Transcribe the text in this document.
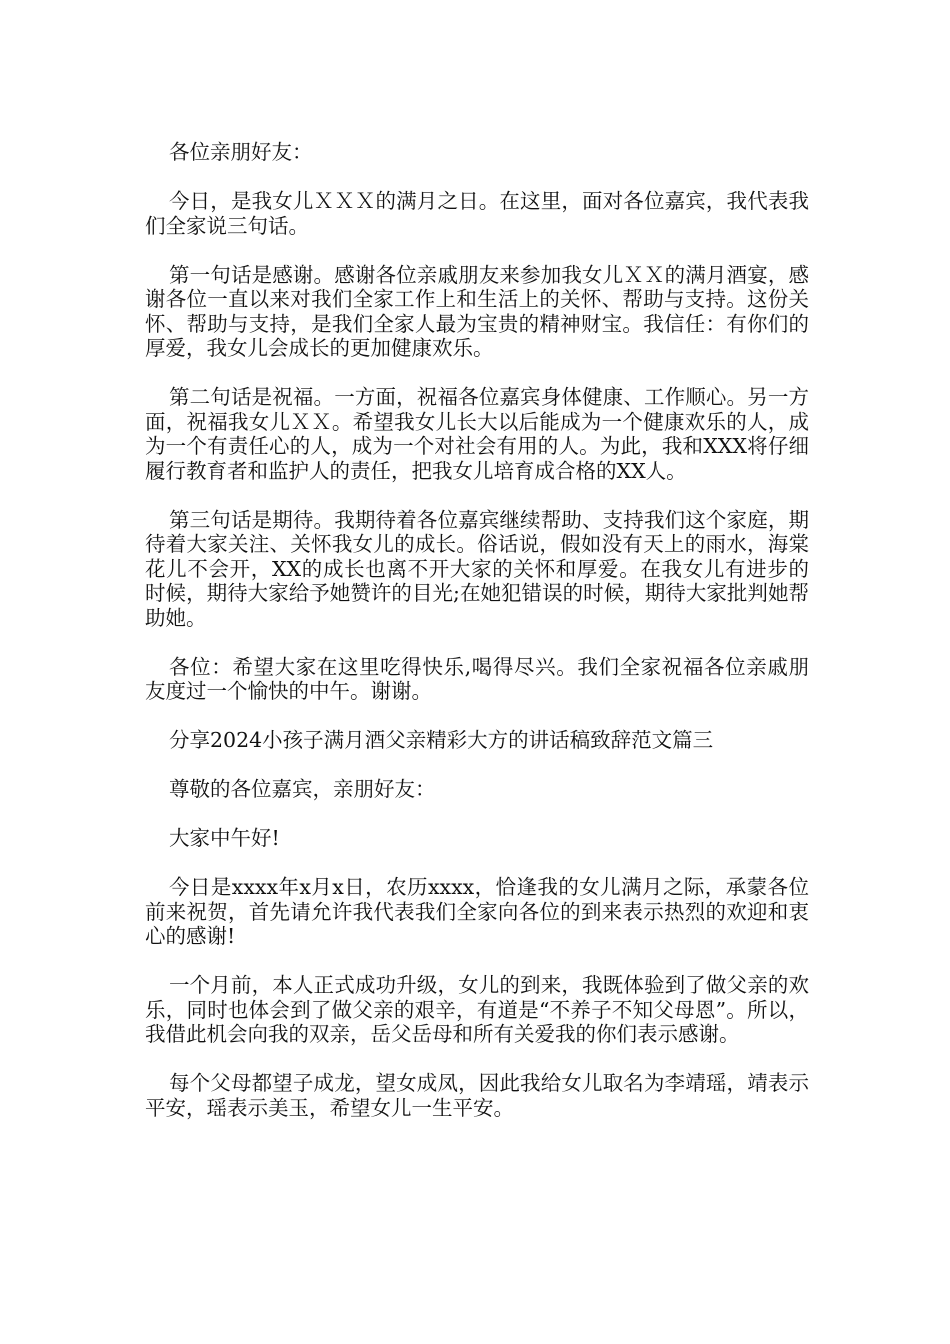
各位亲朋好友：

今日，是我女儿ＸＸＸ的满月之日。在这里，面对各位嘉宾，我代表我们全家说三句话。

第一句话是感谢。感谢各位亲戚朋友来参加我女儿ＸＸ的满月酒宴，感谢各位一直以来对我们全家工作上和生活上的关怀、帮助与支持。这份关怀、帮助与支持，是我们全家人最为宝贵的精神财宝。我信任：有你们的厚爱，我女儿会成长的更加健康欢乐。

第二句话是祝福。一方面，祝福各位嘉宾身体健康、工作顺心。另一方面，祝福我女儿ＸＸ。希望我女儿长大以后能成为一个健康欢乐的人，成为一个有责任心的人，成为一个对社会有用的人。为此，我和XXX将仔细履行教育者和监护人的责任，把我女儿培育成合格的XX人。

第三句话是期待。我期待着各位嘉宾继续帮助、支持我们这个家庭，期待着大家关注、关怀我女儿的成长。俗话说，假如没有天上的雨水，海棠花儿不会开，XX的成长也离不开大家的关怀和厚爱。在我女儿有进步的时候，期待大家给予她赞许的目光;在她犯错误的时候，期待大家批判她帮助她。

各位：希望大家在这里吃得快乐,喝得尽兴。我们全家祝福各位亲戚朋友度过一个愉快的中午。谢谢。

分享2024小孩子满月酒父亲精彩大方的讲话稿致辞范文篇三

尊敬的各位嘉宾，亲朋好友：

大家中午好!

今日是xxxx年x月x日，农历xxxx，恰逢我的女儿满月之际，承蒙各位前来祝贺，首先请允许我代表我们全家向各位的到来表示热烈的欢迎和衷心的感谢!

一个月前，本人正式成功升级，女儿的到来，我既体验到了做父亲的欢乐，同时也体会到了做父亲的艰辛，有道是“不养子不知父母恩”。所以，我借此机会向我的双亲，岳父岳母和所有关爱我的你们表示感谢。

每个父母都望子成龙，望女成凤，因此我给女儿取名为李靖瑶，靖表示平安，瑶表示美玉，希望女儿一生平安。
